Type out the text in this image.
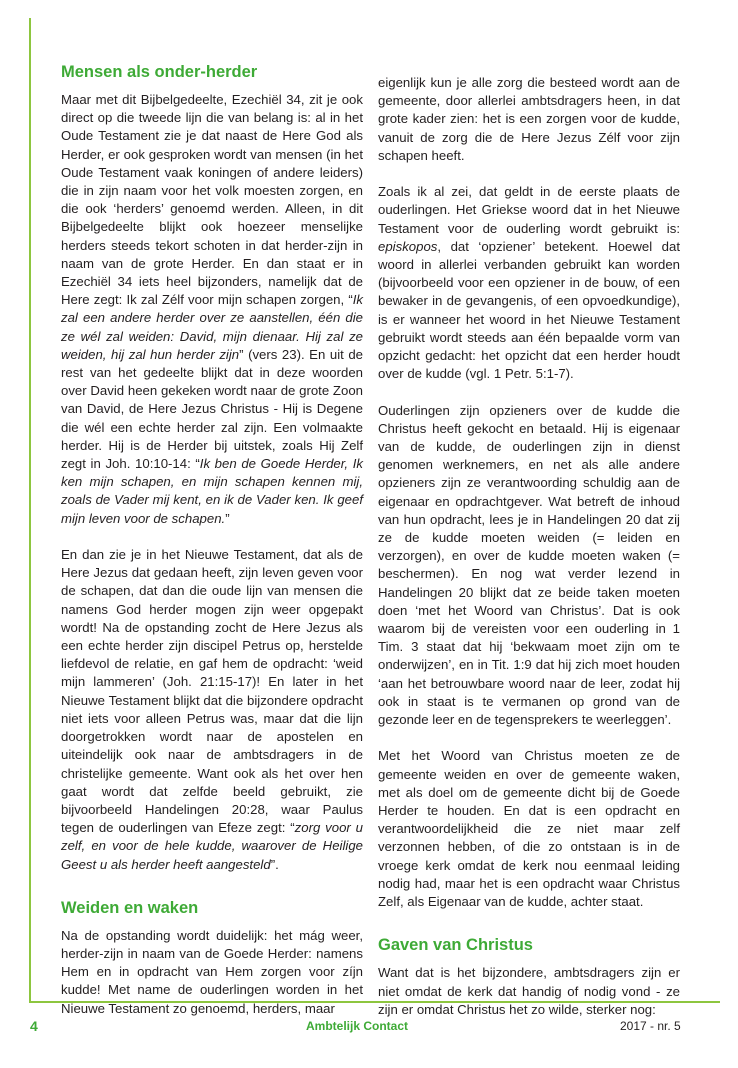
Mensen als onder-herder

Maar met dit Bijbelgedeelte, Ezechiël 34, zit je ook direct op die tweede lijn die van belang is: al in het Oude Testament zie je dat naast de Here God als Herder, er ook gesproken wordt van mensen (in het Oude Testament vaak koningen of andere leiders) die in zijn naam voor het volk moesten zorgen, en die ook ‘herders’ genoemd werden. Alleen, in dit Bijbelgedeelte blijkt ook hoezeer menselijke herders steeds tekort schoten in dat herder-zijn in naam van de grote Herder. En dan staat er in Ezechiël 34 iets heel bijzonders, namelijk dat de Here zegt: Ik zal Zélf voor mijn schapen zorgen, “Ik zal een andere herder over ze aanstellen, één die ze wél zal weiden: David, mijn dienaar. Hij zal ze weiden, hij zal hun herder zijn” (vers 23). En uit de rest van het gedeelte blijkt dat in deze woorden over David heen gekeken wordt naar de grote Zoon van David, de Here Jezus Christus - Hij is Degene die wél een echte herder zal zijn. Een volmaakte herder. Hij is de Herder bij uitstek, zoals Hij Zelf zegt in Joh. 10:10-14: “Ik ben de Goede Herder, Ik ken mijn schapen, en mijn schapen kennen mij, zoals de Vader mij kent, en ik de Vader ken. Ik geef mijn leven voor de schapen.”

En dan zie je in het Nieuwe Testament, dat als de Here Jezus dat gedaan heeft, zijn leven geven voor de schapen, dat dan die oude lijn van mensen die namens God herder mogen zijn weer opgepakt wordt! Na de opstanding zocht de Here Jezus als een echte herder zijn discipel Petrus op, herstelde liefdevol de relatie, en gaf hem de opdracht: ‘weid mijn lammeren’ (Joh. 21:15-17)! En later in het Nieuwe Testament blijkt dat die bijzondere opdracht niet iets voor alleen Petrus was, maar dat die lijn doorgetrokken wordt naar de apostelen en uiteindelijk ook naar de ambtsdragers in de christelijke gemeente. Want ook als het over hen gaat wordt dat zelfde beeld gebruikt, zie bijvoorbeeld Handelingen 20:28, waar Paulus tegen de ouderlingen van Efeze zegt: “zorg voor u zelf, en voor de hele kudde, waarover de Heilige Geest u als herder heeft aangesteld”.

Weiden en waken

Na de opstanding wordt duidelijk: het mág weer, herder-zijn in naam van de Goede Herder: namens Hem en in opdracht van Hem zorgen voor zíjn kudde! Met name de ouderlingen worden in het Nieuwe Testament zo genoemd, herders, maar

eigenlijk kun je alle zorg die besteed wordt aan de gemeente, door allerlei ambtsdragers heen, in dat grote kader zien: het is een zorgen voor de kudde, vanuit de zorg die de Here Jezus Zélf voor zijn schapen heeft.

Zoals ik al zei, dat geldt in de eerste plaats de ouderlingen. Het Griekse woord dat in het Nieuwe Testament voor de ouderling wordt gebruikt is: episkopos, dat ‘opziener’ betekent. Hoewel dat woord in allerlei verbanden gebruikt kan worden (bijvoorbeeld voor een opziener in de bouw, of een bewaker in de gevangenis, of een opvoedkundige), is er wanneer het woord in het Nieuwe Testament gebruikt wordt steeds aan één bepaalde vorm van opzicht gedacht: het opzicht dat een herder houdt over de kudde (vgl. 1 Petr. 5:1-7).

Ouderlingen zijn opzieners over de kudde die Christus heeft gekocht en betaald. Hij is eigenaar van de kudde, de ouderlingen zijn in dienst genomen werknemers, en net als alle andere opzieners zijn ze verantwoording schuldig aan de eigenaar en opdrachtgever. Wat betreft de inhoud van hun opdracht, lees je in Handelingen 20 dat zij ze de kudde moeten weiden (= leiden en verzorgen), en over de kudde moeten waken (= beschermen). En nog wat verder lezend in Handelingen 20 blijkt dat ze beide taken moeten doen ‘met het Woord van Christus’. Dat is ook waarom bij de vereisten voor een ouderling in 1 Tim. 3 staat dat hij ‘bekwaam moet zijn om te onderwijzen’, en in Tit. 1:9 dat hij zich moet houden ‘aan het betrouwbare woord naar de leer, zodat hij ook in staat is te vermanen op grond van de gezonde leer en de tegensprekers te weerleggen’.

Met het Woord van Christus moeten ze de gemeente weiden en over de gemeente waken, met als doel om de gemeente dicht bij de Goede Herder te houden. En dat is een opdracht en verantwoordelijkheid die ze niet maar zelf verzonnen hebben, of die zo ontstaan is in de vroege kerk omdat de kerk nou eenmaal leiding nodig had, maar het is een opdracht waar Christus Zelf, als Eigenaar van de kudde, achter staat.

Gaven van Christus

Want dat is het bijzondere, ambtsdragers zijn er niet omdat de kerk dat handig of nodig vond - ze zijn er omdat Christus het zo wilde, sterker nog:

4	Ambtelijk Contact	2017 - nr. 5
